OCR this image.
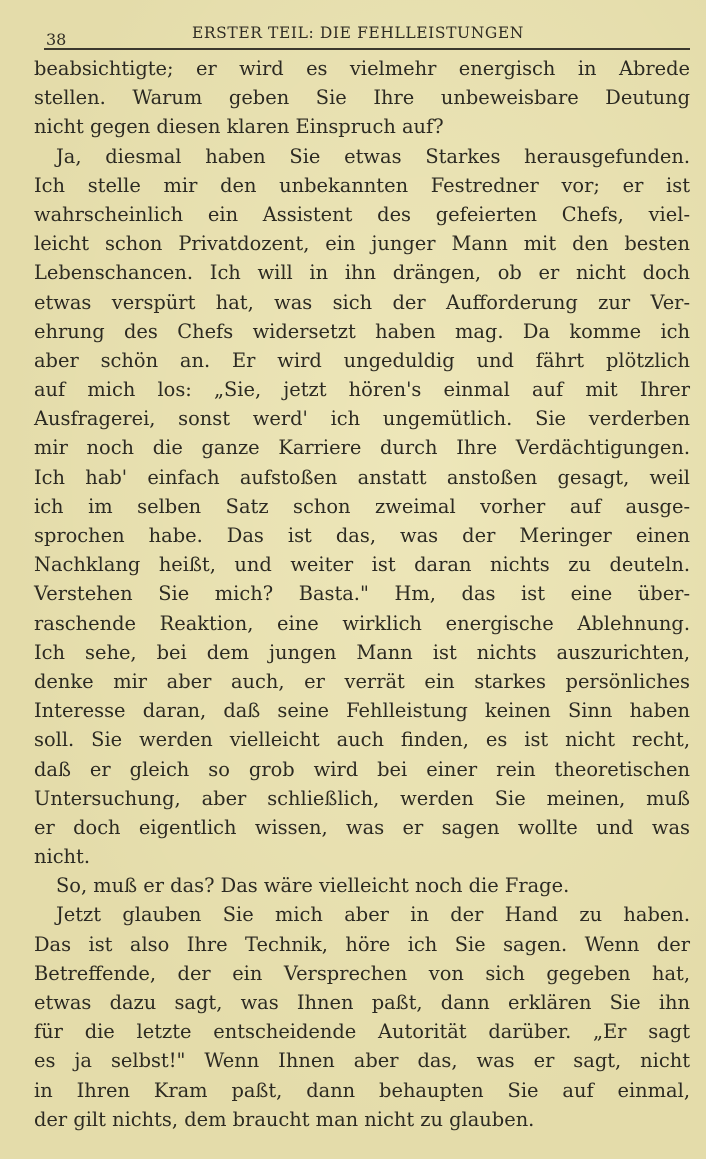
38	ERSTER TEIL: DIE FEHLLEISTUNGEN
beabsichtigte; er wird es vielmehr energisch in Abrede
stellen. Warum geben Sie Ihre unbeweisbare Deutung
nicht gegen diesen klaren Einspruch auf?
Ja, diesmal haben Sie etwas Starkes herausgefunden.
Ich stelle mir den unbekannten Festredner vor; er ist
wahrscheinlich ein Assistent des gefeierten Chefs, viel-
leicht schon Privatdozent, ein junger Mann mit den besten
Lebenschancen. Ich will in ihn drängen, ob er nicht doch
etwas verspürt hat, was sich der Aufforderung zur Ver-
ehrung des Chefs widersetzt haben mag. Da komme ich
aber schön an. Er wird ungeduldig und fährt plötzlich
auf mich los: „Sie, jetzt hören's einmal auf mit Ihrer
Ausfragerei, sonst werd' ich ungemütlich. Sie verderben
mir noch die ganze Karriere durch Ihre Verdächtigungen.
Ich hab' einfach aufstoßen anstatt anstoßen gesagt, weil
ich im selben Satz schon zweimal vorher auf ausge-
sprochen habe. Das ist das, was der Meringer einen
Nachklang heißt, und weiter ist daran nichts zu deuteln.
Verstehen Sie mich? Basta." Hm, das ist eine über-
raschende Reaktion, eine wirklich energische Ablehnung.
Ich sehe, bei dem jungen Mann ist nichts auszurichten,
denke mir aber auch, er verrät ein starkes persönliches
Interesse daran, daß seine Fehlleistung keinen Sinn haben
soll. Sie werden vielleicht auch finden, es ist nicht recht,
daß er gleich so grob wird bei einer rein theoretischen
Untersuchung, aber schließlich, werden Sie meinen, muß
er doch eigentlich wissen, was er sagen wollte und was
nicht.
So, muß er das? Das wäre vielleicht noch die Frage.
Jetzt glauben Sie mich aber in der Hand zu haben.
Das ist also Ihre Technik, höre ich Sie sagen. Wenn der
Betreffende, der ein Versprechen von sich gegeben hat,
etwas dazu sagt, was Ihnen paßt, dann erklären Sie ihn
für die letzte entscheidende Autorität darüber. „Er sagt
es ja selbst!" Wenn Ihnen aber das, was er sagt, nicht
in Ihren Kram paßt, dann behaupten Sie auf einmal,
der gilt nichts, dem braucht man nicht zu glauben.
